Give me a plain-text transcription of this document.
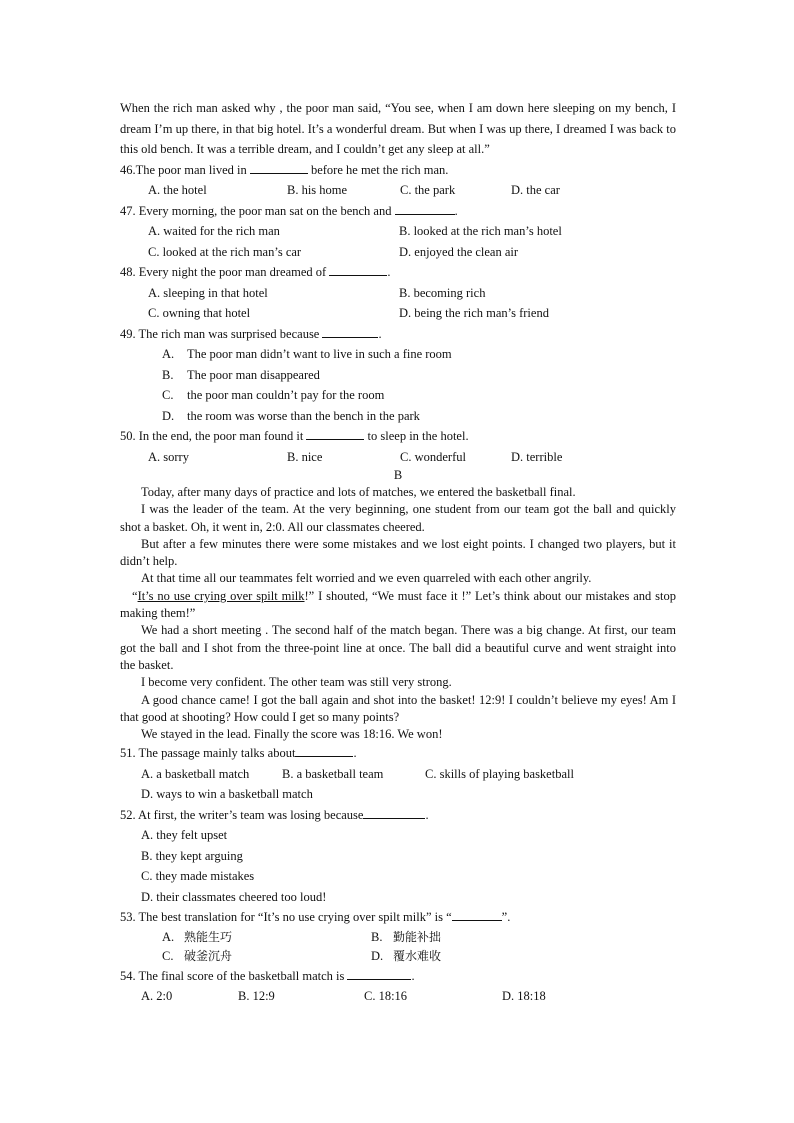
When the rich man asked why , the poor man said, “You see, when I am down here sleeping on my bench, I dream I’m up there, in that big hotel. It’s a wonderful dream. But when I was up there, I dreamed I was back to this old bench. It was a terrible dream, and I couldn’t get any sleep at all.”

46.The poor man lived in	before he met the rich man.
A. the hotel	B. his home	C. the park	D. the car
47. Every morning, the poor man sat on the bench and	.
A. waited for the rich man	B. looked at the rich man’s hotel
C. looked at the rich man’s car	D. enjoyed the clean air
48. Every night the poor man dreamed of	.
A. sleeping in that hotel	B. becoming rich
C. owning that hotel	D. being the rich man’s friend
49. The rich man was surprised because	.
A. The poor man didn’t want to live in such a fine room
B. The poor man disappeared
C. the poor man couldn’t pay for the room
D. the room was worse than the bench in the park
50. In the end, the poor man found it	to sleep in the hotel.
A. sorry	B. nice	C. wonderful	D. terrible
B

Today, after many days of practice and lots of matches, we entered the basketball final.

I was the leader of the team. At the very beginning, one student from our team got the ball and quickly shot a basket. Oh, it went in, 2:0. All our classmates cheered.

But after a few minutes there were some mistakes and we lost eight points. I changed two players, but it didn’t help.

At that time all our teammates felt worried and we even quarreled with each other angrily.

“It’s no use crying over spilt milk!” I shouted, “We must face it !” Let’s think about our mistakes and stop making them!”

We had a short meeting . The second half of the match began. There was a big change. At first, our team got the ball and I shot from the three-point line at once. The ball did a beautiful curve and went straight into the basket.

I become very confident. The other team was still very strong.

A good chance came! I got the ball again and shot into the basket! 12:9! I couldn’t believe my eyes! Am I that good at shooting? How could I get so many points?

We stayed in the lead. Finally the score was 18:16. We won!

51. The passage mainly talks about	.
A. a basketball match	B. a basketball team	C. skills of playing basketball
D. ways to win a basketball match
52. At first, the writer’s team was losing because	.
A. they felt upset
B. they kept arguing
C. they made mistakes
D. their classmates cheered too loud!
53. The best translation for “It’s no use crying over spilt milk” is “	”.
A. 熟能生巧	B. 勤能补拙
C. 破釜沉舟	D. 覆水难收
54. The final score of the basketball match is	.
A. 2:0	B. 12:9	C. 18:16	D. 18:18
